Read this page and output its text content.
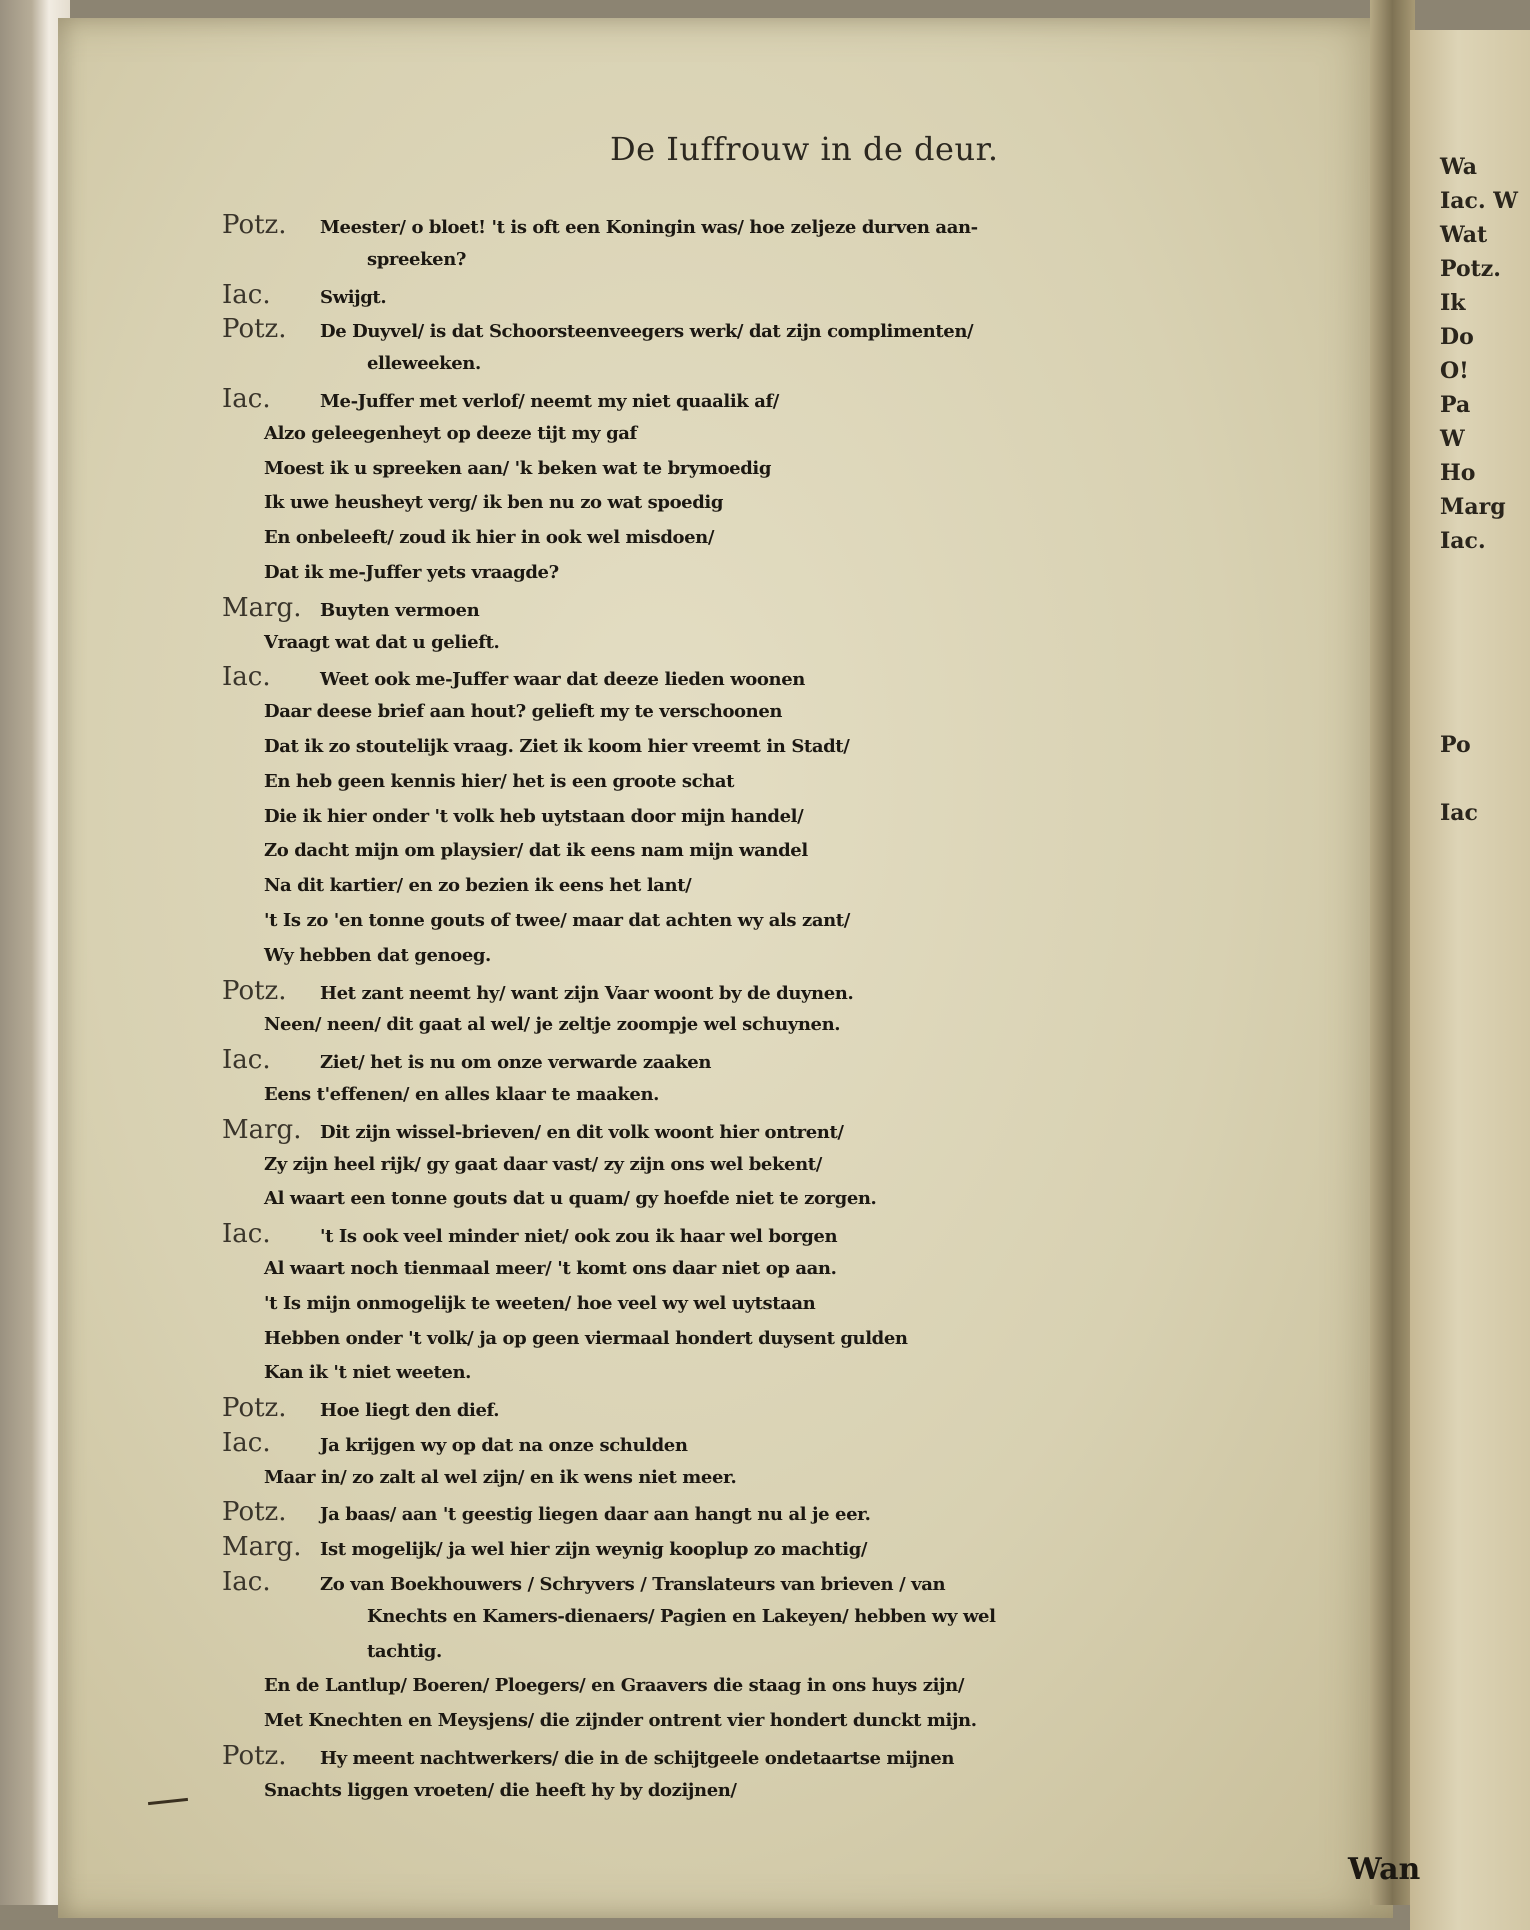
De Iuffrouw in de deur.
Potz. Meester/ o bloet! 't is oft een Koningin was/ hoe zeljeze durven aan-
spreeken?
Iac.	Swijgt.
Potz. De Duyvel/ is dat Schoorsteenveegers werk/ dat zijn complimenten/
elleweeken.
Iac.	Me-Juffer met verlof/ neemt my niet quaalik af/
Alzo geleegenheyt op deeze tijt my gaf
Moest ik u spreeken aan/ 'k beken wat te brymoedig
Ik uwe heusheyt verg/ ik ben nu zo wat spoedig
En onbeleeft/ zoud ik hier in ook wel misdoen/
Dat ik me-Juffer yets vraagde?
Marg. Buyten vermoen
Vraagt wat dat u gelieft.
Iac.	Weet ook me-Juffer waar dat deeze lieden woonen
Daar deese brief aan hout? gelieft my te verschoonen
Dat ik zo stoutelijk vraag. Ziet ik koom hier vreemt in Stadt/
En heb geen kennis hier/ het is een groote schat
Die ik hier onder 't volk heb uytstaan door mijn handel/
Zo dacht mijn om playsier/ dat ik eens nam mijn wandel
Na dit kartier/ en zo bezien ik eens het lant/
't Is zo 'en tonne gouts of twee/ maar dat achten wy als zant/
Wy hebben dat genoeg.
Potz. Het zant neemt hy/ want zijn Vaar woont by de duynen.
Neen/ neen/ dit gaat al wel/ je zeltje zoompje wel schuynen.
Iac.	Ziet/ het is nu om onze verwarde zaaken
Eens t'effenen/ en alles klaar te maaken.
Marg. Dit zijn wissel-brieven/ en dit volk woont hier ontrent/
Zy zijn heel rijk/ gy gaat daar vast/ zy zijn ons wel bekent/
Al waart een tonne gouts dat u quam/ gy hoefde niet te zorgen.
Iac.	't Is ook veel minder niet/ ook zou ik haar wel borgen
Al waart noch tienmaal meer/ 't komt ons daar niet op aan.
't Is mijn onmogelijk te weeten/ hoe veel wy wel uytstaan
Hebben onder 't volk/ ja op geen viermaal hondert duysent gulden
Kan ik 't niet weeten.
Potz. Hoe liegt den dief.
Iac.	Ja krijgen wy op dat na onze schulden
Maar in/ zo zalt al wel zijn/ en ik wens niet meer.
Potz. Ja baas/ aan 't geestig liegen daar aan hangt nu al je eer.
Marg. Ist mogelijk/ ja wel hier zijn weynig kooplup zo machtig/
Iac.	Zo van Boekhouwers / Schryvers / Translateurs van brieven / van
Knechts en Kamers-dienaers/ Pagien en Lakeyen/ hebben wy wel
tachtig.
En de Lantlup/ Boeren/ Ploegers/ en Graavers die staag in ons huys zijn/
Met Knechten en Meysjens/ die zijnder ontrent vier hondert dunckt mijn.
Potz. Hy meent nachtwerkers/ die in de schijtgeele ondetaartse mijnen
Snachts liggen vroeten/ die heeft hy by dozijnen/
Wa
Iac. W
Wat
Potz.
Ik
Do
O!
Pa
W
Ho
Marg
Iac.
Po
Iac
Wan
